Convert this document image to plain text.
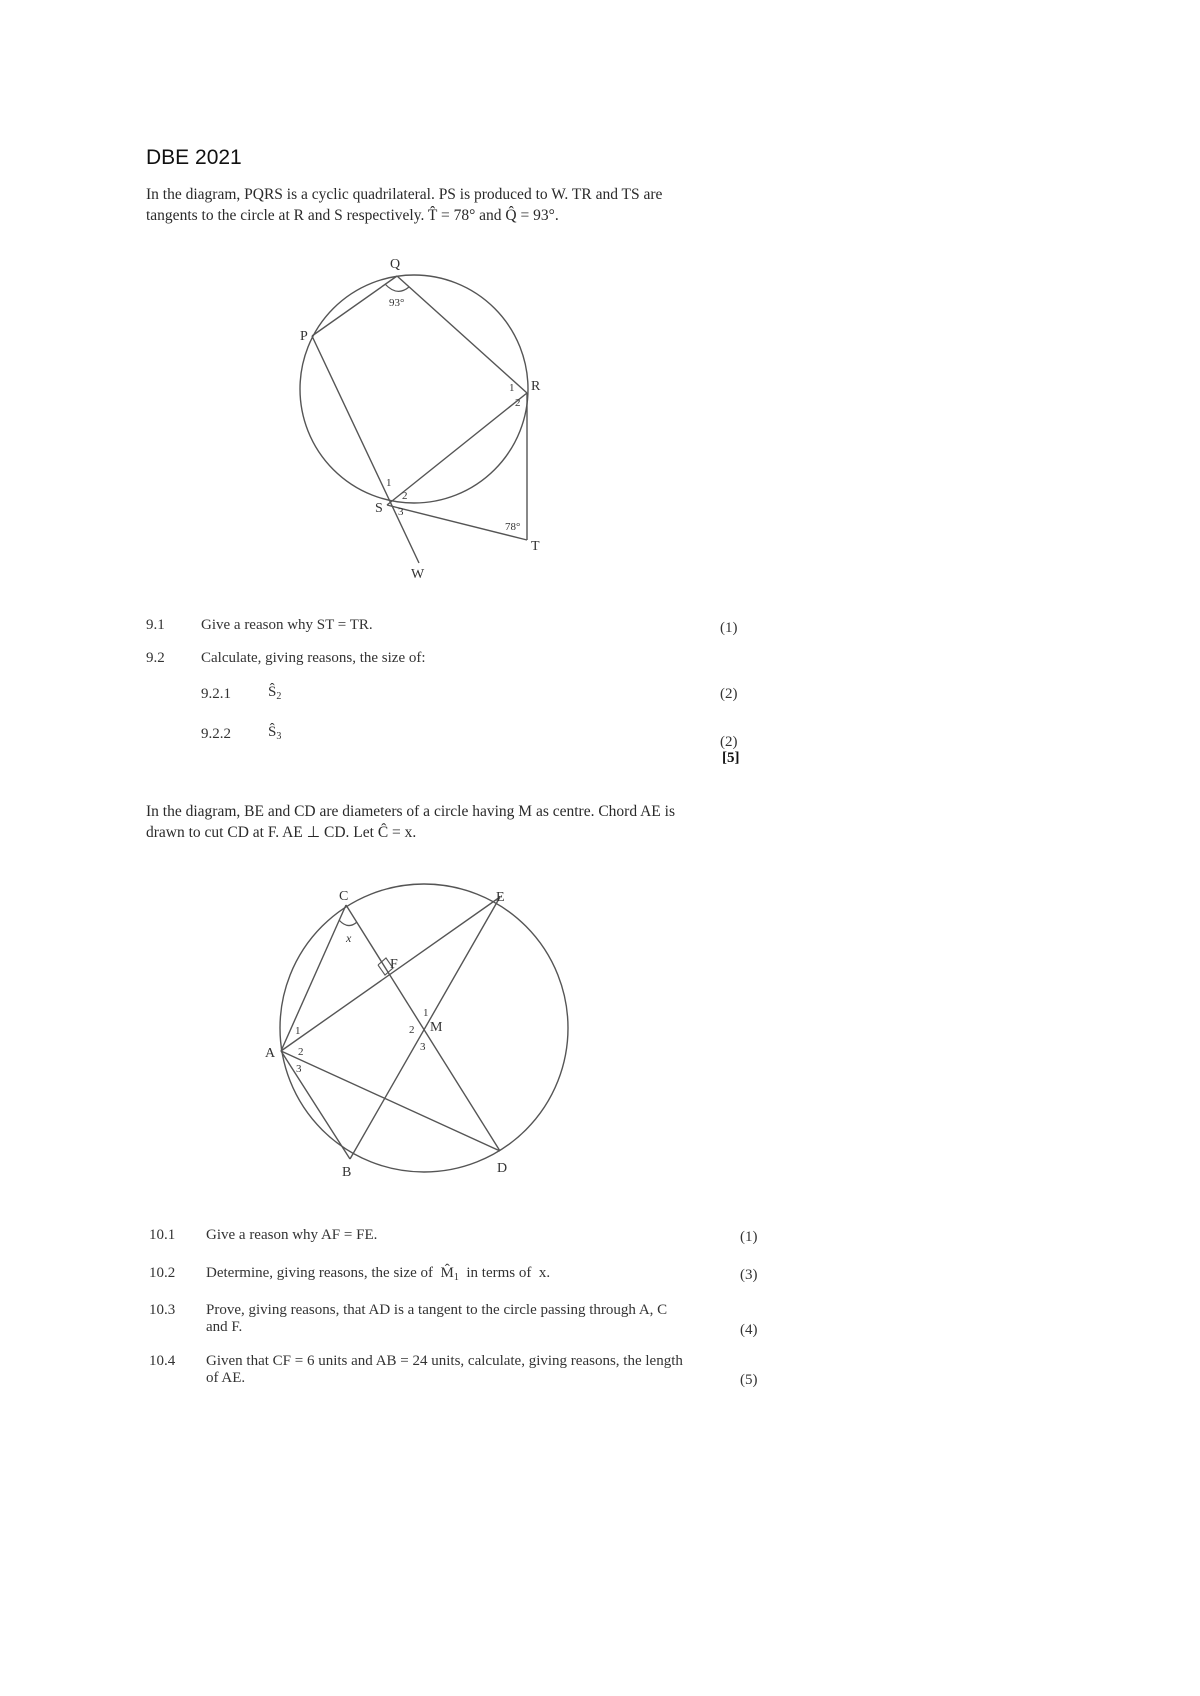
DBE 2021
In the diagram, PQRS is a cyclic quadrilateral. PS is produced to W. TR and TS are
tangents to the circle at R and S respectively. T̂ = 78° and Q̂ = 93°.
Q
93°
P
R
1
2
1
2
S 3
78°
T
W
9.1 Give a reason why ST = TR.	(1)
9.2 Calculate, giving reasons, the size of:
9.2.1 $Ŝ_2$	(2)
9.2.2 $Ŝ_3$	(2)
[5]
In the diagram, BE and CD are diameters of a circle having M as centre. Chord AE is
drawn to cut CD at F. AE ⊥ CD. Let Ĉ = x.
C	E
x
F
1
2 M
3
1
A 2
3
B	D
10.1 Give a reason why AF = FE.	(1)
10.2 Determine, giving reasons, the size of  $M̂_1$  in terms of  x.	(3)
10.3 Prove, giving reasons, that AD is a tangent to the circle passing through A, C
and F.	(4)
10.4 Given that CF = 6 units and AB = 24 units, calculate, giving reasons, the length
of AE.	(5)
